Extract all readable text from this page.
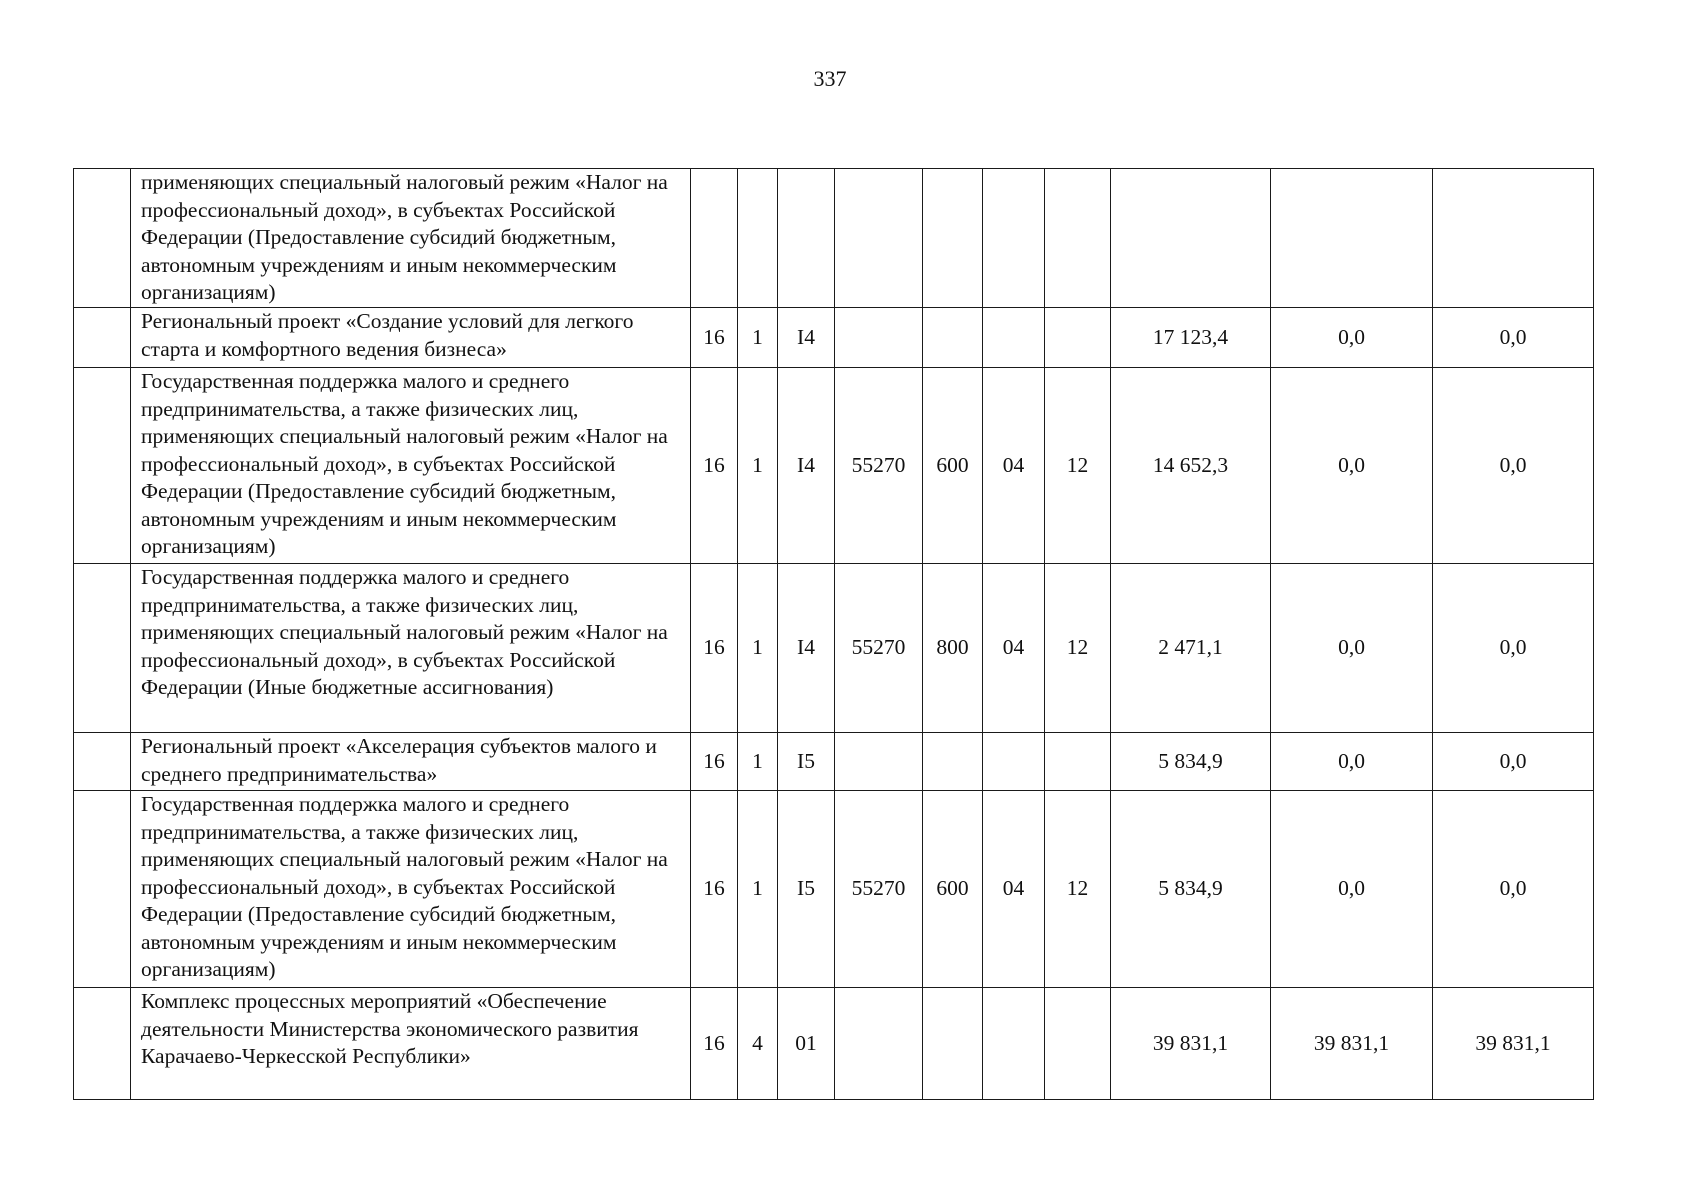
337
	применяющих специальный налоговый режим «Налог на профессиональный доход», в субъектах Российской Федерации (Предоставление субсидий бюджетным, автономным учреждениям и иным некоммерческим организациям)										
	Региональный проект «Создание условий для легкого старта и комфортного ведения бизнеса»	16	1	I4					17 123,4	0,0	0,0
	Государственная поддержка малого и среднего предпринимательства, а также физических лиц, применяющих специальный налоговый режим «Налог на профессиональный доход», в субъектах Российской Федерации (Предоставление субсидий бюджетным, автономным учреждениям и иным некоммерческим организациям)	16	1	I4	55270	600	04	12	14 652,3	0,0	0,0
	Государственная поддержка малого и среднего предпринимательства, а также физических лиц, применяющих специальный налоговый режим «Налог на профессиональный доход», в субъектах Российской Федерации (Иные бюджетные ассигнования)	16	1	I4	55270	800	04	12	2 471,1	0,0	0,0
	Региональный проект «Акселерация субъектов малого и среднего предпринимательства»	16	1	I5					5 834,9	0,0	0,0
	Государственная поддержка малого и среднего предпринимательства, а также физических лиц, применяющих специальный налоговый режим «Налог на профессиональный доход», в субъектах Российской Федерации (Предоставление субсидий бюджетным, автономным учреждениям и иным некоммерческим организациям)	16	1	I5	55270	600	04	12	5 834,9	0,0	0,0
	Комплекс процессных мероприятий «Обеспечение деятельности Министерства экономического развития Карачаево-Черкесской Республики»	16	4	01					39 831,1	39 831,1	39 831,1
